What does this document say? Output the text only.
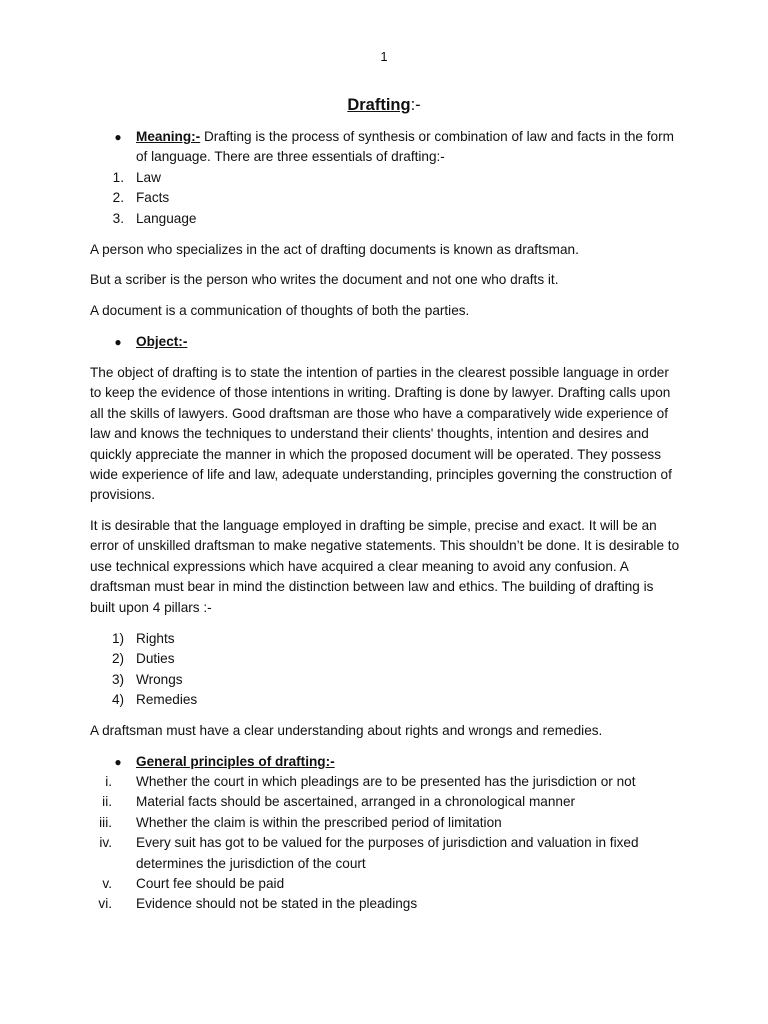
1
Drafting:-
● Meaning:- Drafting is the process of synthesis or combination of law and facts in the form of language. There are three essentials of drafting:-
1. Law
2. Facts
3. Language

A person who specializes in the act of drafting documents is known as draftsman.

But a scriber is the person who writes the document and not one who drafts it.

A document is a communication of thoughts of both the parties.

● Object:-

The object of drafting is to state the intention of parties in the clearest possible language in order to keep the evidence of those intentions in writing. Drafting is done by lawyer. Drafting calls upon all the skills of lawyers. Good draftsman are those who have a comparatively wide experience of law and knows the techniques to understand their clients' thoughts, intention and desires and quickly appreciate the manner in which the proposed document will be operated. They possess wide experience of life and law, adequate understanding, principles governing the construction of provisions.

It is desirable that the language employed in drafting be simple, precise and exact. It will be an error of unskilled draftsman to make negative statements. This shouldn’t be done. It is desirable to use technical expressions which have acquired a clear meaning to avoid any confusion. A draftsman must bear in mind the distinction between law and ethics. The building of drafting is built upon 4 pillars :-

1) Rights
2) Duties
3) Wrongs
4) Remedies

A draftsman must have a clear understanding about rights and wrongs and remedies.

● General principles of drafting:-
i. Whether the court in which pleadings are to be presented has the jurisdiction or not
ii. Material facts should be ascertained, arranged in a chronological manner
iii. Whether the claim is within the prescribed period of limitation
iv. Every suit has got to be valued for the purposes of jurisdiction and valuation in fixed determines the jurisdiction of the court
v. Court fee should be paid
vi. Evidence should not be stated in the pleadings
